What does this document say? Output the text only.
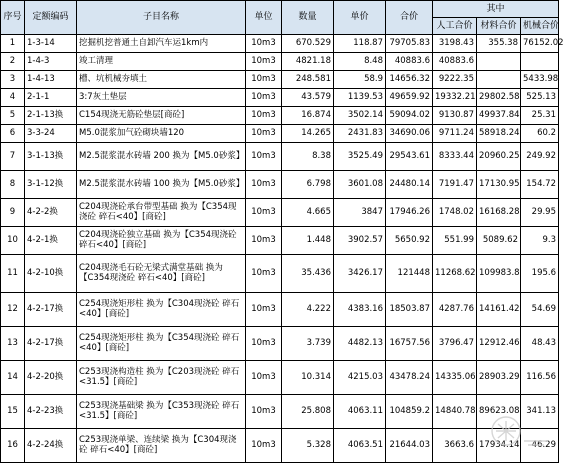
序号	定额编码	子目名称	单位	数量	单价	合价	其中		
							人工合价	材料合价	机械合价
1	1-3-14	挖掘机挖普通土自卸汽车运1km内	10m3	670.529	118.87	79705.83	3198.43	355.38	76152.02
2	1-4-3	竣工清理	10m3	4821.18	8.48	40883.6	40883.6		
3	1-4-13	槽、坑机械夯填土	10m3	248.581	58.9	14656.32	9222.35		5433.98
4	2-1-1	3:7灰土垫层	10m3	43.579	1139.53	49659.92	19332.21	29802.58	525.13
5	2-1-13换	C154现浇无筋砼垫层[商砼]	10m3	16.874	3502.14	59094.02	9130.87	49937.84	25.31
6	3-3-24	M5.0混浆加气砼砌块墙120	10m3	14.265	2431.83	34690.06	9711.24	58918.24	60.2
7	3-1-13换	M2.5混浆混水砖墙 200 换为【M5.0砂浆】	10m3	8.38	3525.49	29543.61	8333.44	20960.25	249.92
8	3-1-12换	M2.5混浆混水砖墙 100 换为【M5.0砂浆】	10m3	6.798	3601.08	24480.14	7191.47	17130.95	154.72
9	4-2-2换	C204现浇砼承台带型基础 换为【C354现浇砼 碎石<40】[商砼]	10m3	4.665	3847	17946.26	1748.02	16168.28	29.95
10	4-2-1换	C204现浇砼独立基础 换为【C354现浇砼 碎石<40】[商砼]	10m3	1.448	3902.57	5650.92	551.99	5089.62	9.3
11	4-2-10换	C204现浇毛石砼无梁式满堂基础 换为【C354现浇砼 碎石<40】[商砼]	10m3	35.436	3426.17	121448	11268.62	109983.8	195.6
12	4-2-17换	C254现浇矩形柱 换为【C304现浇砼 碎石<40】[商砼]	10m3	4.222	4383.16	18503.87	4287.76	14161.42	54.69
13	4-2-17换	C254现浇矩形柱 换为【C354现浇砼 碎石<40】[商砼]	10m3	3.739	4482.13	16757.56	3796.47	12912.46	48.43
14	4-2-20换	C253现浇构造柱 换为【C203现浇砼 碎石<31.5】[商砼]	10m3	10.314	4215.03	43478.24	14335.06	28903.29	116.56
15	4-2-23换	C253现浇基础梁 换为【C353现浇砼 碎石<31.5】[商砼]	10m3	25.808	4063.11	104859.2	14840.78	89623.08	341.13
16	4-2-24换	C253现浇单梁、连续梁 换为【C304现浇砼 碎石<40】[商砼]	10m3	5.328	4063.51	21644.03	3663.6	17934.14	46.29
